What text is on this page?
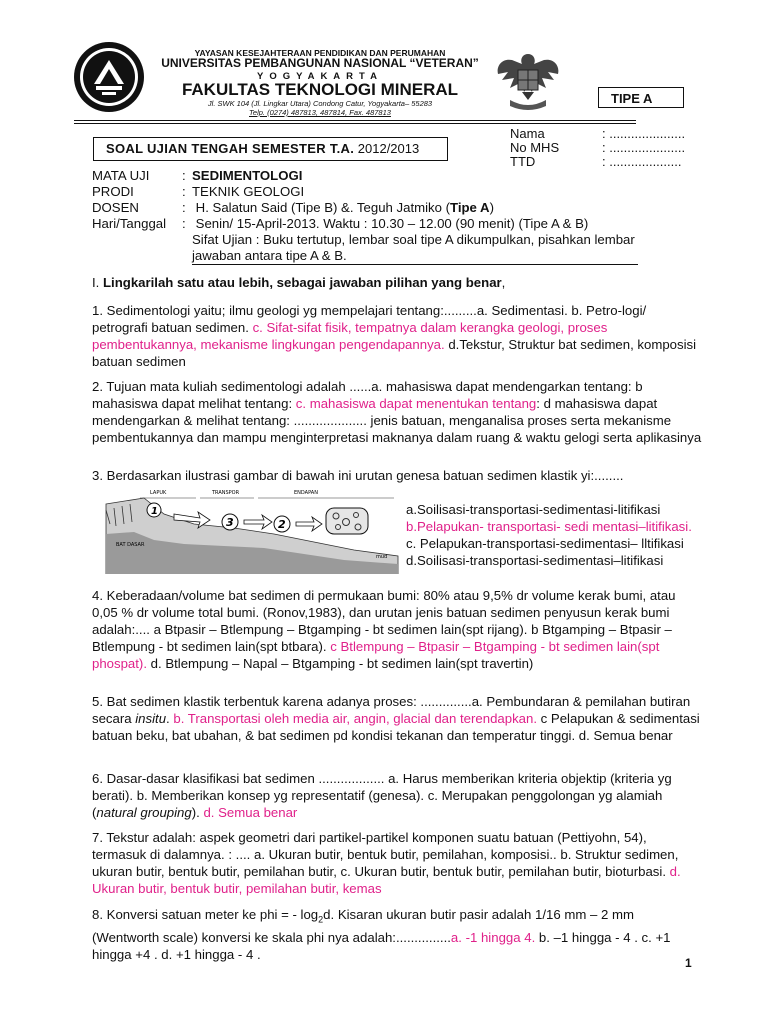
YAYASAN KESEJAHTERAAN PENDIDIKAN DAN PERUMAHAN
UNIVERSITAS PEMBANGUNAN NASIONAL “VETERAN”
YOGYAKARTA
FAKULTAS TEKNOLOGI MINERAL
Jl. SWK 104 (Jl. Lingkar Utara) Condong Catur, Yogyakarta– 55283
Telp. (0274) 487813, 487814, Fax. 487813
TIPE A
SOAL UJIAN TENGAH SEMESTER T.A. 2012/2013
Nama	: .....................
No MHS	: .....................
TTD	: ....................
MATA UJI : SEDIMENTOLOGI
PRODI	: TEKNIK GEOLOGI
DOSEN	: H. Salatun Said (Tipe B) &. Teguh Jatmiko (Tipe A)
Hari/Tanggal : Senin/ 15-April-2013. Waktu : 10.30 – 12.00 (90 menit) (Tipe A & B)
Sifat Ujian : Buku tertutup, lembar soal tipe A dikumpulkan, pisahkan lembar
jawaban antara tipe A & B.
I. Lingkarilah satu atau lebih, sebagai jawaban pilihan yang benar,

1. Sedimentologi yaitu; ilmu geologi yg mempelajari tentang:.........a. Sedimentasi. b. Petro-logi/ petrografi batuan sedimen. c. Sifat-sifat fisik, tempatnya dalam kerangka geologi, proses pembentukannya, mekanisme lingkungan pengendapannya. d.Tekstur, Struktur bat sedimen, komposisi batuan sedimen

2. Tujuan mata kuliah sedimentologi adalah ......a. mahasiswa dapat mendengarkan tentang: b mahasiswa dapat melihat tentang: c. mahasiswa dapat menentukan tentang: d mahasiswa dapat mendengarkan & melihat tentang: .................... jenis batuan, menganalisa proses serta mekanisme pembentukannya dan mampu menginterpretasi maknanya dalam ruang & waktu gelogi serta aplikasinya

3. Berdasarkan ilustrasi gambar di bawah ini urutan genesa batuan sedimen klastik yi:........

LAPUK	TRANSPOR	ENDAPAN
1
3	2
BAT DASAR
mud
a.Soilisasi-transportasi-sedimentasi-litifikasi
b.Pelapukan- transportasi- sedi mentasi–litifikasi. c. Pelapukan-transportasi-sedimentasi– lltifikasi d.Soilisasi-transportasi-sedimentasi–litifikasi

4. Keberadaan/volume bat sedimen di permukaan bumi: 80% atau 9,5% dr volume kerak bumi, atau 0,05 % dr volume total bumi. (Ronov,1983), dan urutan jenis batuan sedimen penyusun kerak bumi adalah:.... a Btpasir – Btlempung – Btgamping - bt sedimen lain(spt rijang). b Btgamping – Btpasir –Btlempung - bt sedimen lain(spt btbara). c Btlempung – Btpasir – Btgamping - bt sedimen lain(spt phospat). d. Btlempung – Napal – Btgamping - bt sedimen lain(spt travertin)

5. Bat sedimen klastik terbentuk karena adanya proses: ..............a. Pembundaran & pemilahan butiran secara insitu. b. Transportasi oleh media air, angin, glacial dan terendapkan. c Pelapukan & sedimentasi batuan beku, bat ubahan, & bat sedimen pd kondisi tekanan dan temperatur tinggi. d. Semua benar

6. Dasar-dasar klasifikasi bat sedimen .................. a. Harus memberikan kriteria objektip (kriteria yg berati). b. Memberikan konsep yg representatif (genesa). c. Merupakan penggolongan yg alamiah (natural grouping). d. Semua benar

7. Tekstur adalah: aspek geometri dari partikel-partikel komponen suatu batuan (Pettiyohn, 54), termasuk di dalamnya. : .... a. Ukuran butir, bentuk butir, pemilahan, komposisi.. b. Struktur sedimen, ukuran butir, bentuk butir, pemilahan butir, c. Ukuran butir, bentuk butir, pemilahan butir, bioturbasi. d. Ukuran butir, bentuk butir, pemilahan butir, kemas

8. Konversi satuan meter ke phi = - $\log_2d$. Kisaran ukuran butir pasir adalah 1/16 mm – 2 mm (Wentworth scale) konversi ke skala phi nya adalah:...............a. -1 hingga 4. b. –1 hingga - 4 . c. +1 hingga +4 . d. +1 hingga - 4 .

1
